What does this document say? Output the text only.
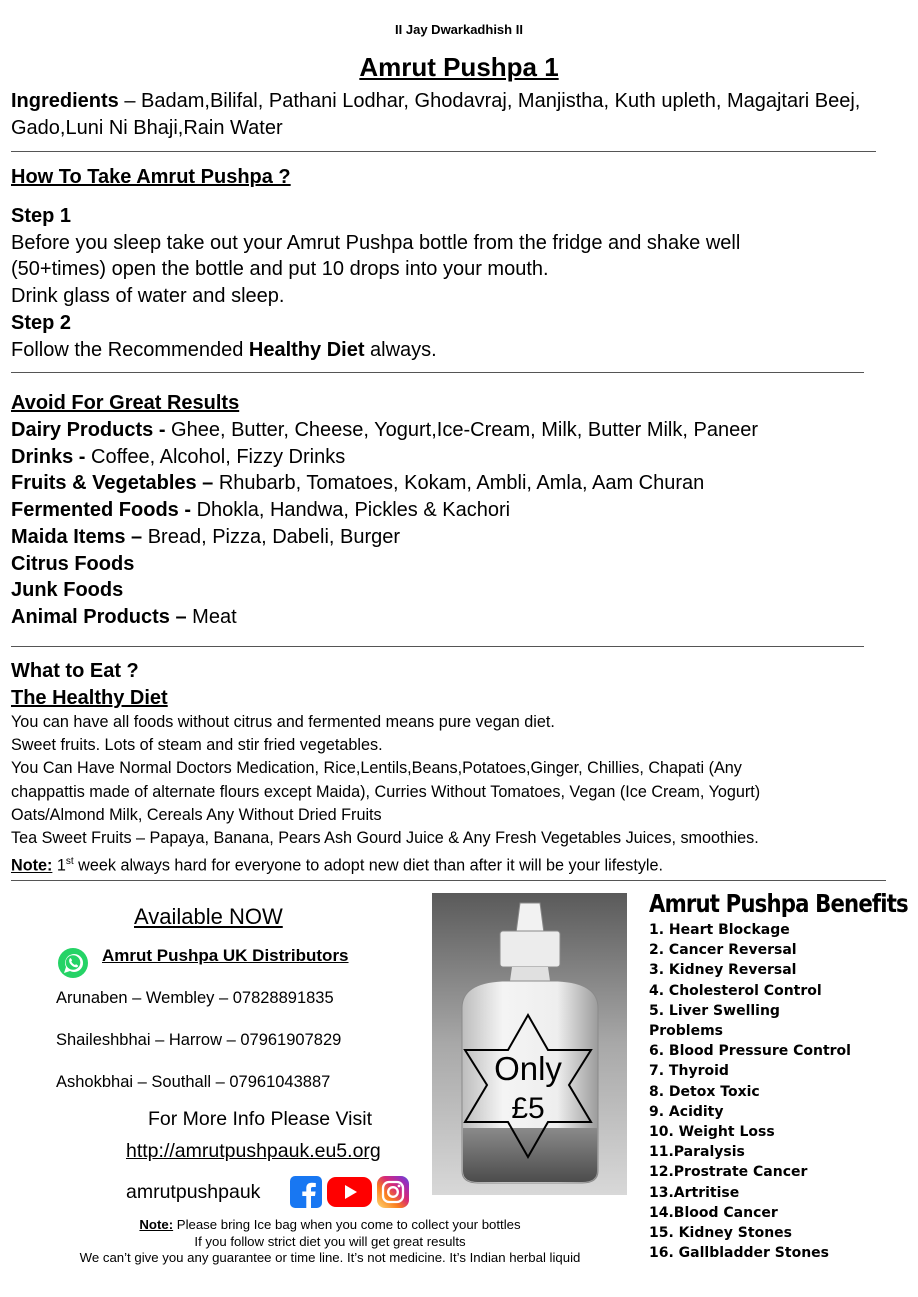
II Jay Dwarkadhish II
Amrut Pushpa 1
Ingredients – Badam,Bilifal, Pathani Lodhar, Ghodavraj, Manjistha, Kuth upleth, Magajtari Beej, Gado,Luni Ni Bhaji,Rain Water
How To Take Amrut Pushpa ?
Step 1
Before you sleep take out your Amrut Pushpa bottle from the fridge and shake well
(50+times) open the bottle and put 10 drops into your mouth.
Drink glass of water and sleep.
Step 2
Follow the Recommended Healthy Diet always.
Avoid For Great Results
Dairy Products - Ghee, Butter, Cheese, Yogurt,Ice-Cream, Milk, Butter Milk, Paneer
Drinks - Coffee, Alcohol, Fizzy Drinks
Fruits & Vegetables – Rhubarb, Tomatoes, Kokam, Ambli, Amla, Aam Churan
Fermented Foods - Dhokla, Handwa, Pickles & Kachori
Maida Items – Bread, Pizza, Dabeli, Burger
Citrus Foods
Junk Foods
Animal Products – Meat
What to Eat ?
The Healthy Diet
You can have all foods without citrus and fermented means pure vegan diet.
Sweet fruits. Lots of steam and stir fried vegetables.
You Can Have Normal Doctors Medication, Rice,Lentils,Beans,Potatoes,Ginger, Chillies, Chapati (Any
chappattis made of alternate flours except Maida), Curries Without Tomatoes, Vegan (Ice Cream, Yogurt)
Oats/Almond Milk, Cereals Any Without Dried Fruits
Tea Sweet Fruits – Papaya, Banana, Pears Ash Gourd Juice & Any Fresh Vegetables Juices, smoothies.
Note: 1st week always hard for everyone to adopt new diet than after it will be your lifestyle.
Available NOW
Amrut Pushpa UK Distributors
Arunaben – Wembley – 07828891835
Shaileshbhai – Harrow – 07961907829
Ashokbhai – Southall – 07961043887
For More Info Please Visit
http://amrutpushpauk.eu5.org
amrutpushpauk
Note: Please bring Ice bag when you come to collect your bottles
If you follow strict diet you will get great results
We can’t give you any guarantee or time line. It’s not medicine. It’s Indian herbal liquid
Only
£5
Amrut Pushpa Benefits
1. Heart Blockage
2. Cancer Reversal
3. Kidney Reversal
4. Cholesterol Control
5. Liver Swelling
Problems
6. Blood Pressure Control
7. Thyroid
8. Detox Toxic
9. Acidity
10. Weight Loss
11.Paralysis
12.Prostrate Cancer
13.Artritise
14.Blood Cancer
15. Kidney Stones
16. Gallbladder Stones
